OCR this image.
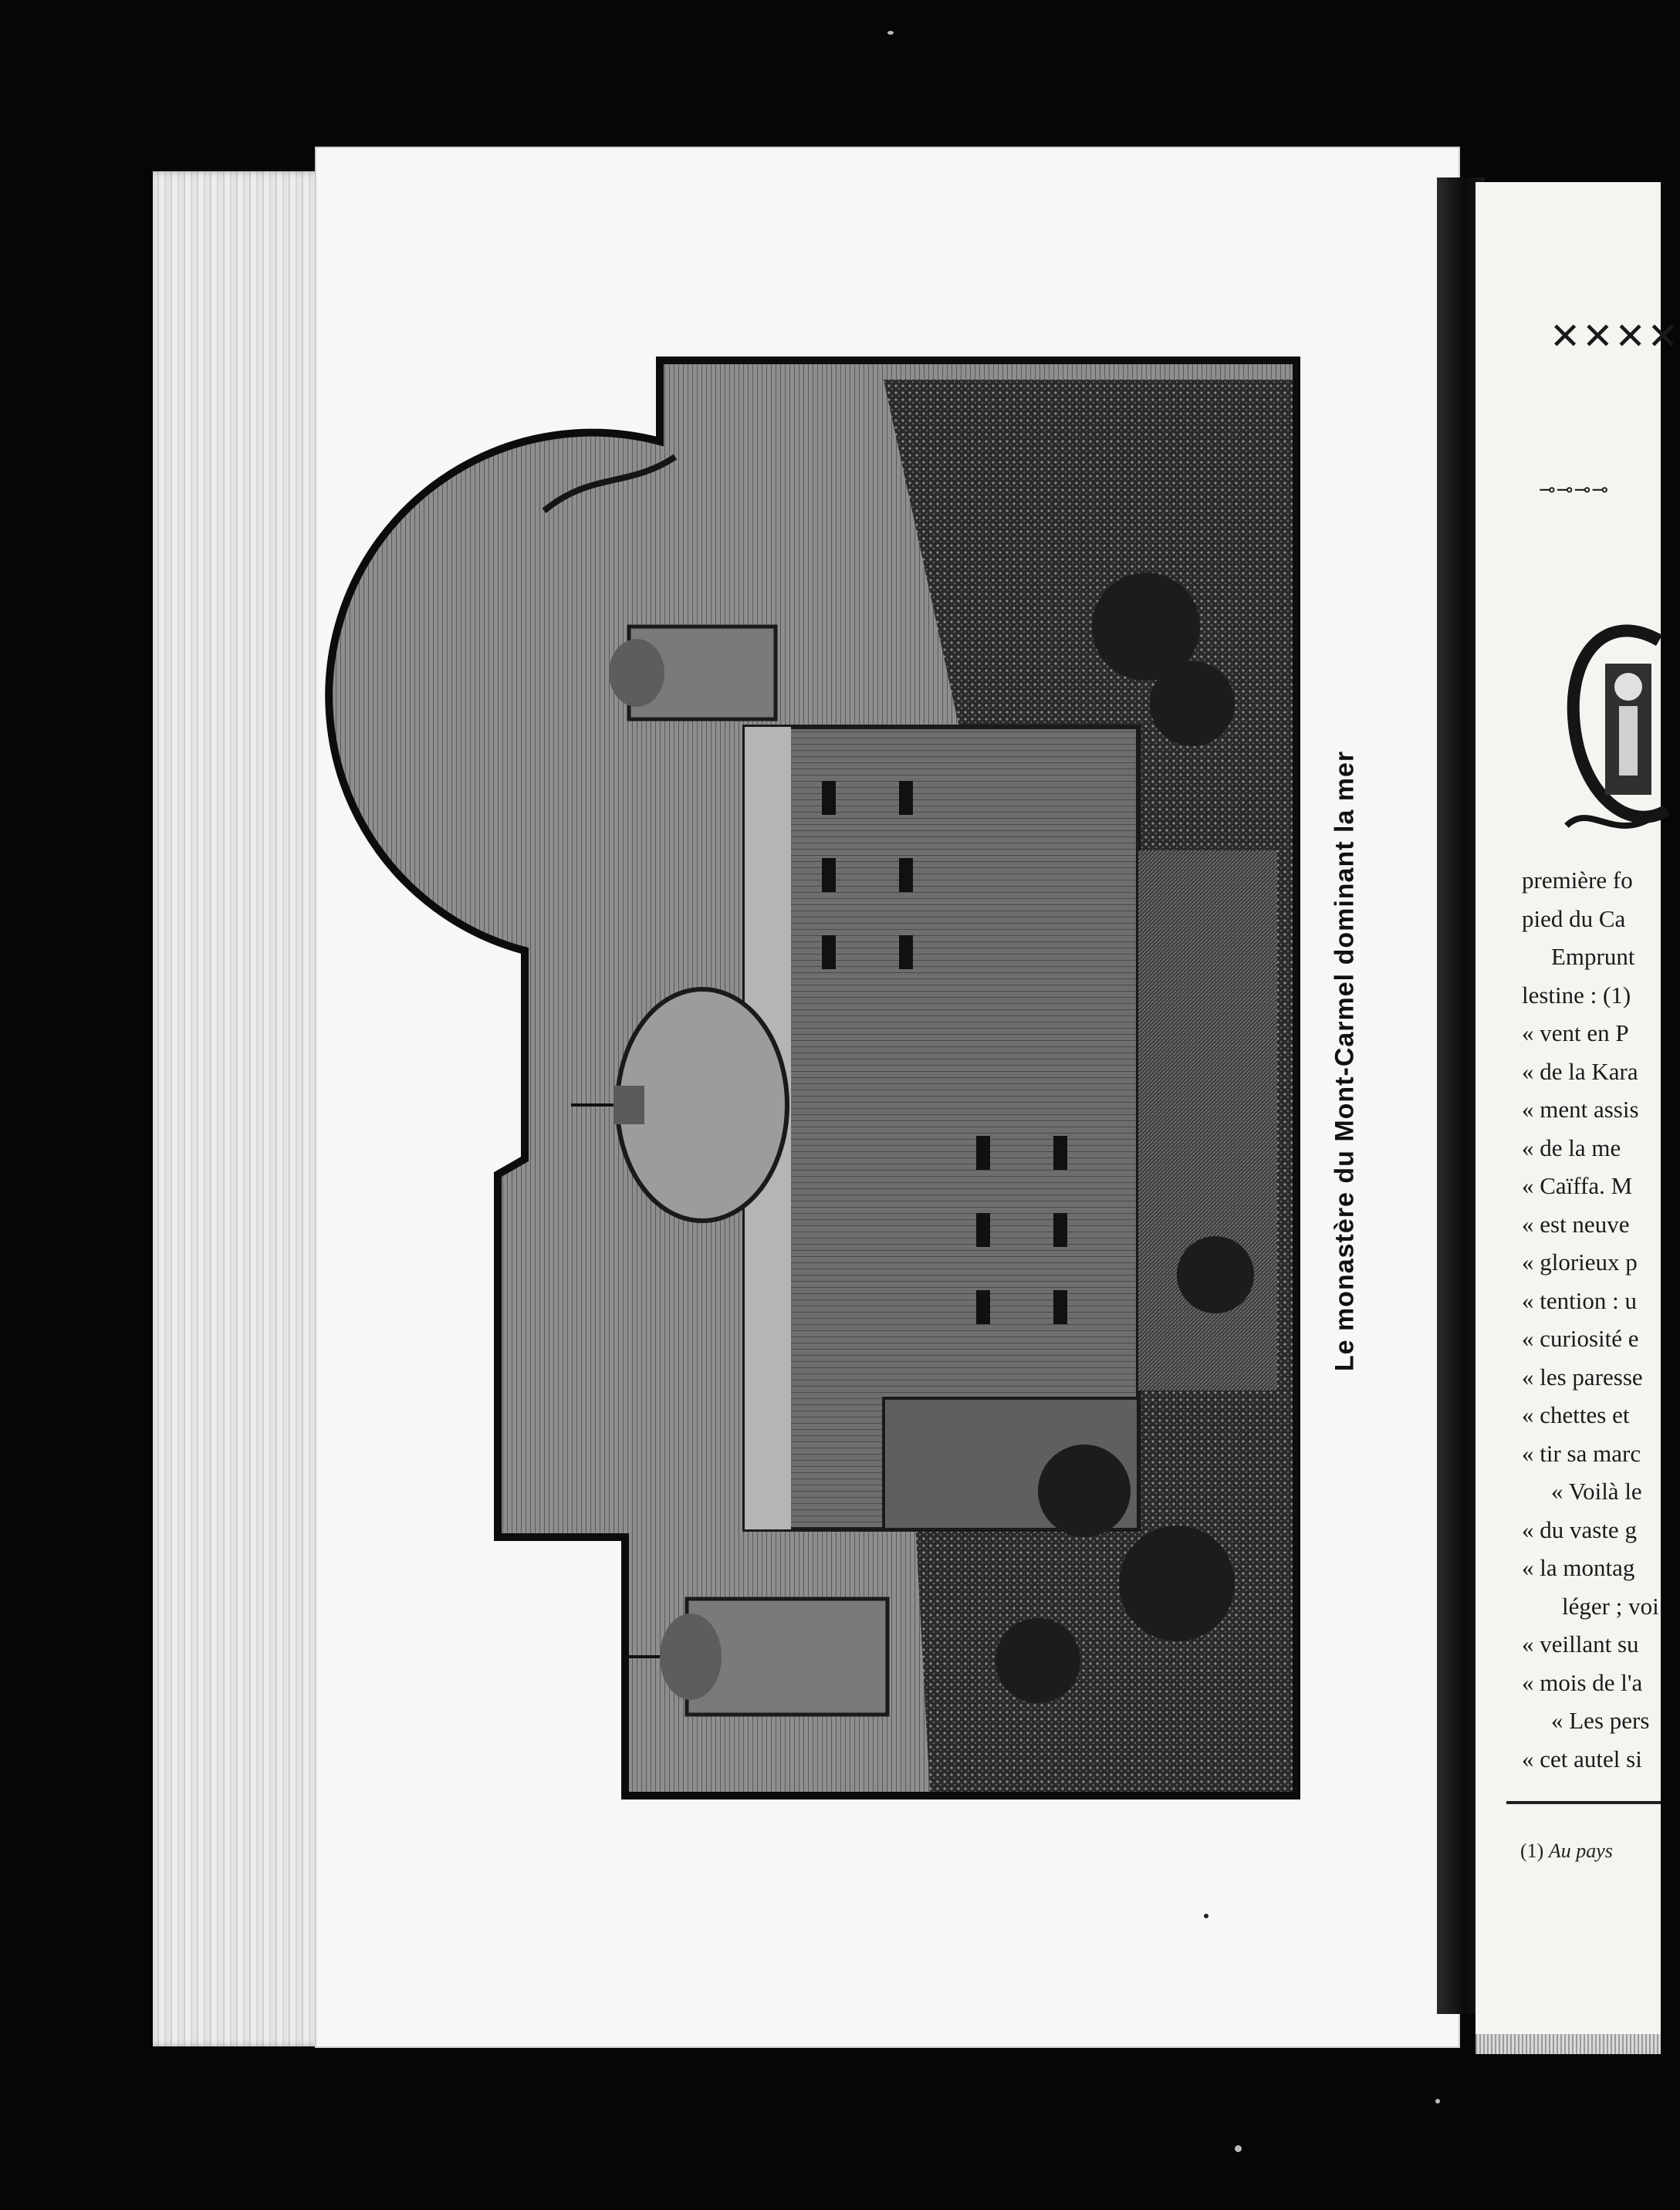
Le monastère du Mont-Carmel dominant la mer
✕✕✕✕
⊸⊸⊸⊸
première fo
pied du Ca
Emprunt
lestine : (1)
« vent en P
« de la Kara
« ment assis
« de la me
« Caïffa. M
« est neuve
« glorieux p
« tention : u
« curiosité e
« les paresse
« chettes et
« tir sa marc
« Voilà le
« du vaste g
« la montag
léger ; voi
« veillant su
« mois de l'a
« Les pers
« cet autel si
(1) Au pays
